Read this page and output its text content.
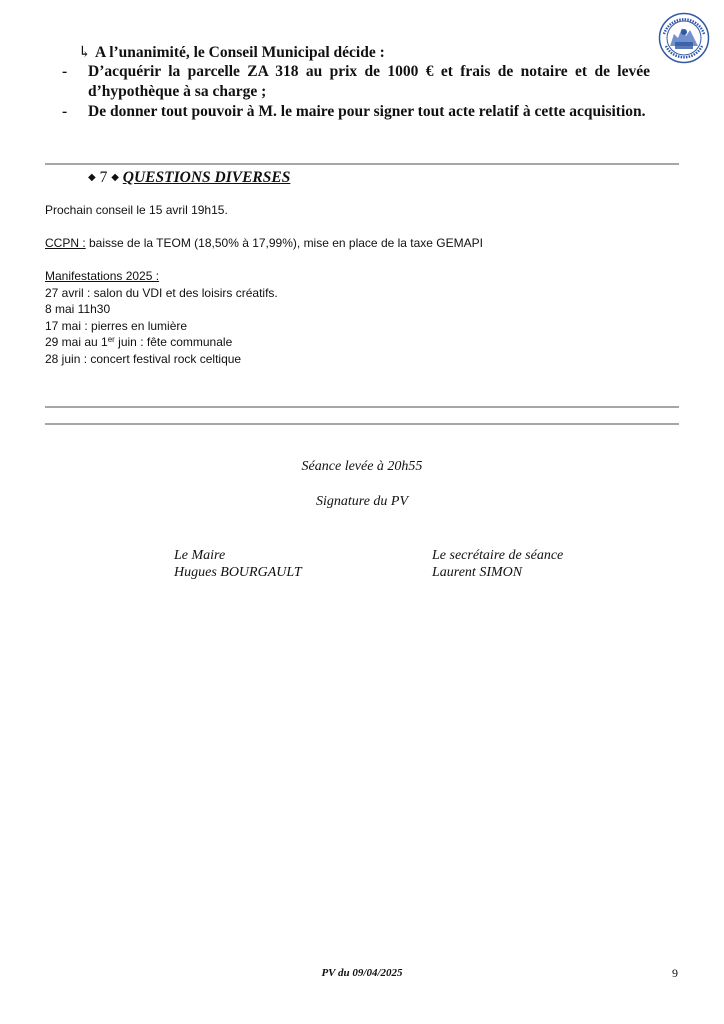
↳ A l’unanimité, le Conseil Municipal décide :
-	D’acquérir la parcelle ZA 318 au prix de 1000 € et frais de notaire et de levée d’hypothèque à sa charge ;
-	De donner tout pouvoir à M. le maire pour signer tout acte relatif à cette acquisition.
◆ 7 ◆ QUESTIONS DIVERSES
Prochain conseil le 15 avril 19h15.
CCPN : baisse de la TEOM (18,50% à 17,99%), mise en place de la taxe GEMAPI
Manifestations 2025 :
27 avril : salon du VDI et des loisirs créatifs.
8 mai 11h30
17 mai : pierres en lumière
29 mai au 1er juin : fête communale
28 juin : concert festival rock celtique
Séance levée à 20h55
Signature du PV
Le Maire
Hugues BOURGAULT
Le secrétaire de séance
Laurent SIMON
PV du 09/04/2025	9
